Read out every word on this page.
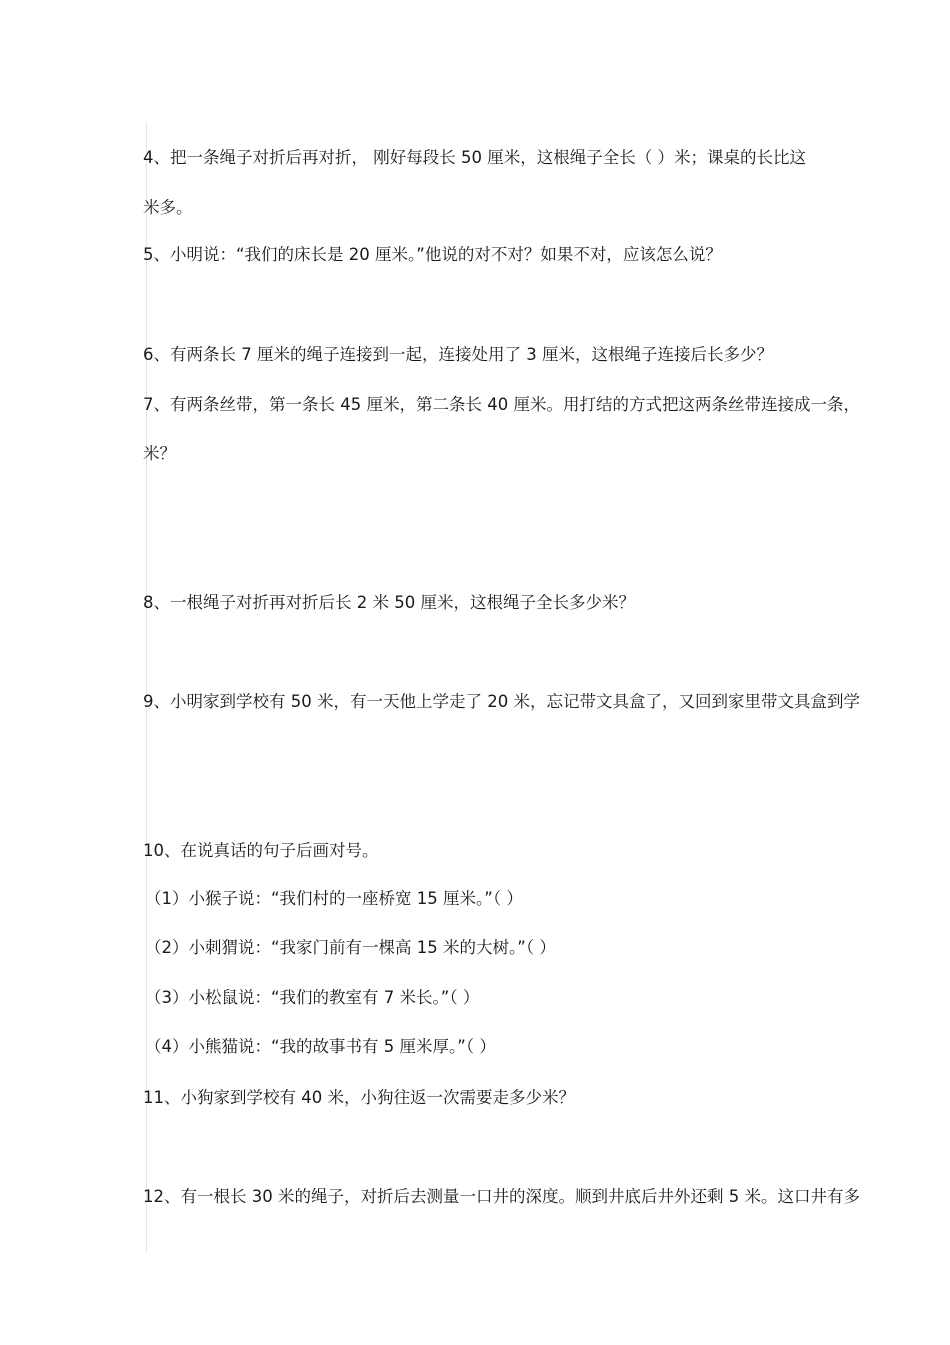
4、把一条绳子对折后再对折， 刚好每段长 50 厘米，这根绳子全长（ ）米；课桌的长比这
米多。
5、小明说：“我们的床长是 20 厘米。”他说的对不对？如果不对，应该怎么说？
6、有两条长 7 厘米的绳子连接到一起，连接处用了 3 厘米，这根绳子连接后长多少？
7、有两条丝带，第一条长 45 厘米，第二条长 40 厘米。用打结的方式把这两条丝带连接成一条，
米？
8、一根绳子对折再对折后长 2 米 50 厘米，这根绳子全长多少米？
9、小明家到学校有 50 米，有一天他上学走了 20 米，忘记带文具盒了，又回到家里带文具盒到学
10、在说真话的句子后画对号。
（1）小猴子说：“我们村的一座桥宽 15 厘米。”（ ）
（2）小刺猬说：“我家门前有一棵高 15 米的大树。”（ ）
（3）小松鼠说：“我们的教室有 7 米长。”（ ）
（4）小熊猫说：“我的故事书有 5 厘米厚。”（ ）
11、小狗家到学校有 40 米，小狗往返一次需要走多少米？
12、有一根长 30 米的绳子，对折后去测量一口井的深度。顺到井底后井外还剩 5 米。这口井有多
